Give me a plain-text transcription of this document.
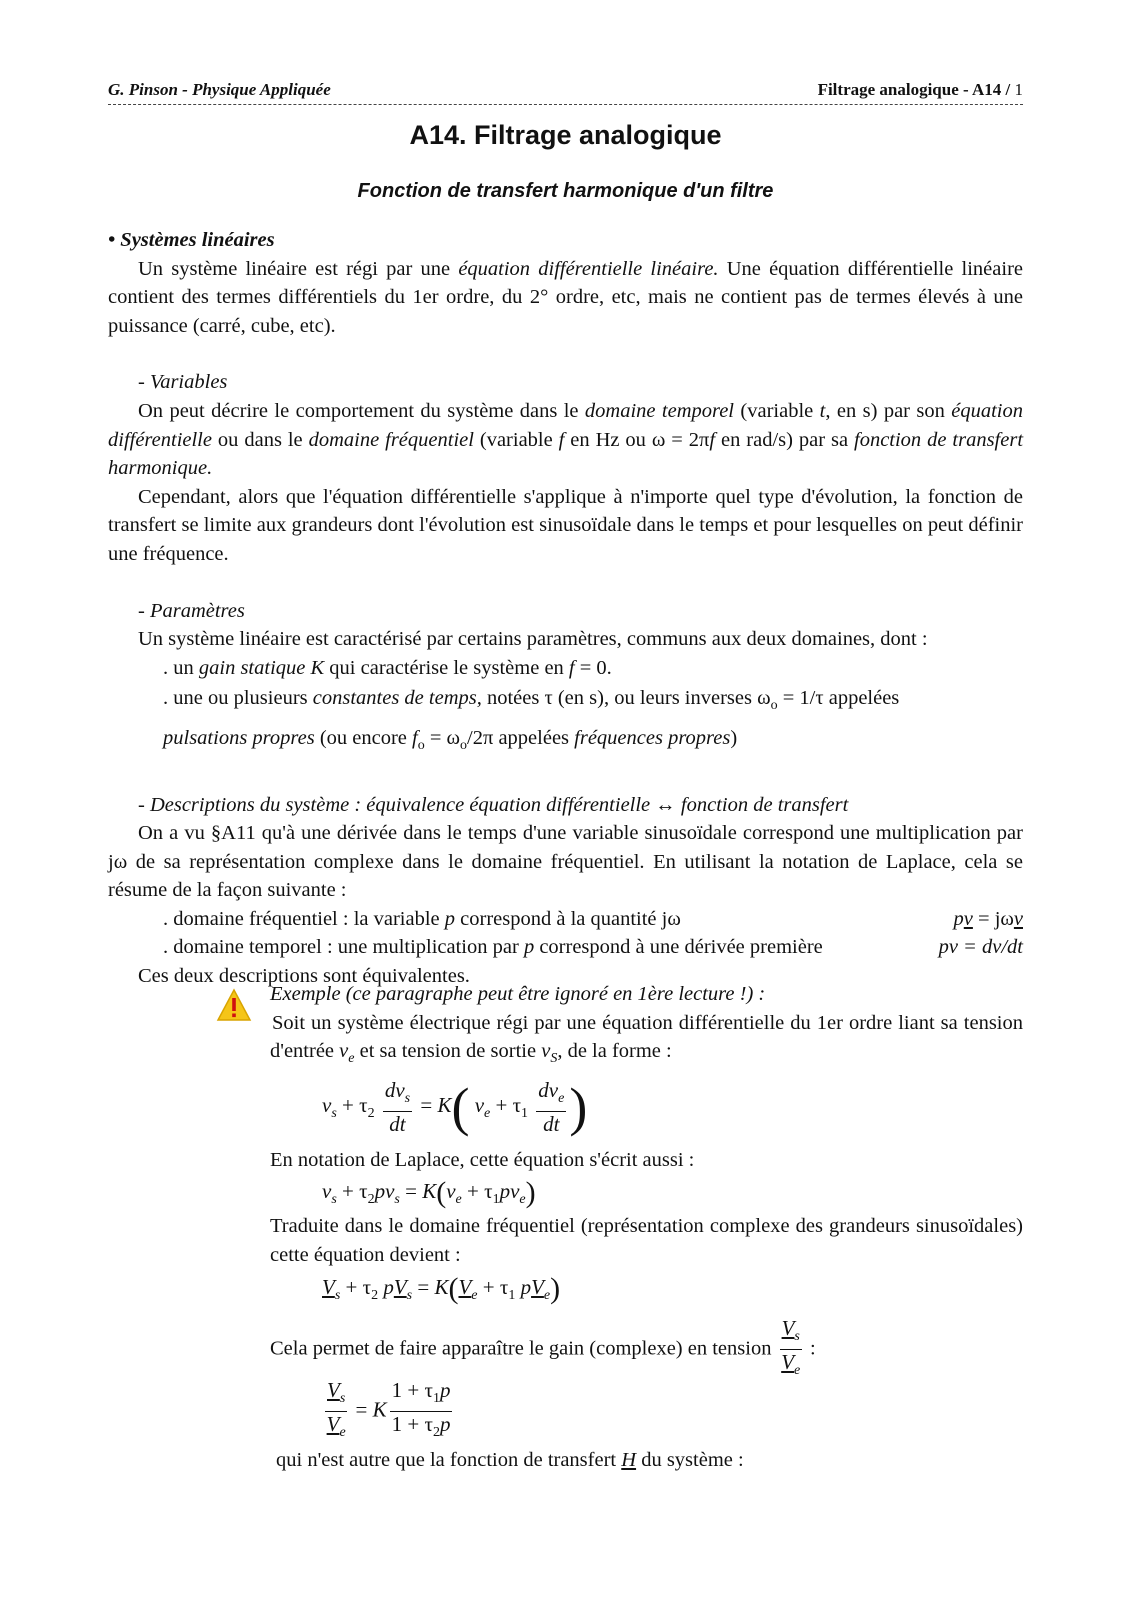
G. Pinson - Physique Appliquée	Filtrage analogique - A14 / 1
A14. Filtrage analogique
Fonction de transfert harmonique d'un filtre

• Systèmes linéaires

Un système linéaire est régi par une équation différentielle linéaire. Une équation différentielle linéaire contient des termes différentiels du 1er ordre, du 2° ordre, etc, mais ne contient pas de termes élevés à une puissance (carré, cube, etc).

- Variables

On peut décrire le comportement du système dans le domaine temporel (variable t, en s) par son équation différentielle ou dans le domaine fréquentiel (variable f en Hz ou ω = 2πf en rad/s) par sa fonction de transfert harmonique.

Cependant, alors que l'équation différentielle s'applique à n'importe quel type d'évolution, la fonction de transfert se limite aux grandeurs dont l'évolution est sinusoïdale dans le temps et pour lesquelles on peut définir une fréquence.

- Paramètres

Un système linéaire est caractérisé par certains paramètres, communs aux deux domaines, dont :

. un gain statique K qui caractérise le système en f = 0.

. une ou plusieurs constantes de temps, notées τ (en s), ou leurs inverses $\omega_o = 1/\tau$ appelées

pulsations propres (ou encore $f_o = \omega_o/2\pi$ appelées fréquences propres)

- Descriptions du système : équivalence équation différentielle ↔ fonction de transfert

On a vu §A11 qu'à une dérivée dans le temps d'une variable sinusoïdale correspond une multiplication par jω de sa représentation complexe dans le domaine fréquentiel. En utilisant la notation de Laplace, cela se résume de la façon suivante :

. domaine fréquentiel : la variable p correspond à la quantité jω	pv = jωv

. domaine temporel : une multiplication par p correspond à une dérivée première	pv = dv/dt

Ces deux descriptions sont équivalentes.

Exemple (ce paragraphe peut être ignoré en 1ère lecture !) :

Soit un système électrique régi par une équation différentielle du 1er ordre liant sa tension d'entrée $v_e$ et sa tension de sortie $v_S$, de la forme :

$v_s + \tau_2 \frac{dv_s}{dt} = K$( $v_e + \tau_1 \frac{dv_e}{dt}$ )

En notation de Laplace, cette équation s'écrit aussi :

$v_s + \tau_2pv_s = K(v_e + \tau_1pv_e)$

Traduite dans le domaine fréquentiel (représentation complexe des grandeurs sinusoïdales) cette équation devient :

$V_s + \tau_2$ $pV_s = K(V_e + \tau_1$ $pV_e$)

Cela permet de faire apparaître le gain (complexe) en tension $\frac{V_s}{V_e}$ :

$\frac{V_s}{V_e} = K \frac{1 + \tau_1p}{1 + \tau_2p}$

qui n'est autre que la fonction de transfert H du système :
